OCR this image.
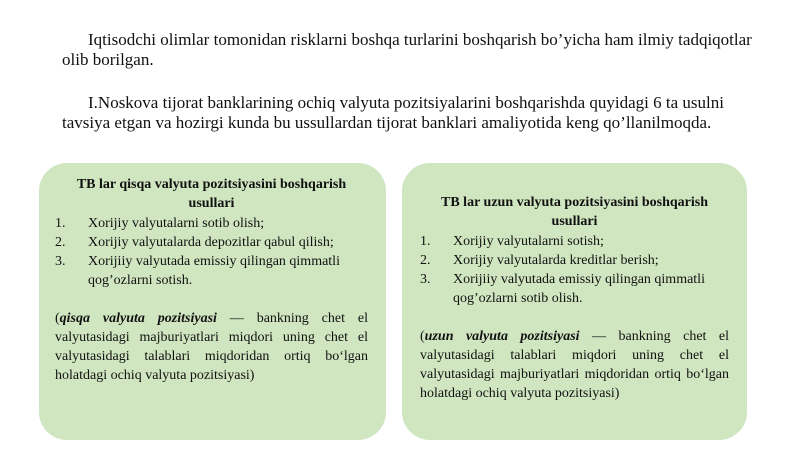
Iqtisodchi olimlar tomonidan risklarni boshqa turlarini boshqarish bo’yicha ham ilmiy tadqiqotlar olib borilgan.

I.Noskova tijorat banklarining ochiq valyuta pozitsiyalarini boshqarishda quyidagi 6 ta usulni tavsiya etgan va hozirgi kunda bu ussullardan tijorat banklari amaliyotida keng qo’llanilmoqda.

TB lar qisqa valyuta pozitsiyasini boshqarish usullari
1.	Xorijiy valyutalarni sotib olish;
2.	Xorijiy valyutalarda depozitlar qabul qilish;
3.	Xorijiiy valyutada emissiy qilingan qimmatli qog’ozlarni sotish.

(qisqa valyuta pozitsiyasi — bankning chet el valyutasidagi majburiyatlari miqdori uning chet el valyutasidagi talablari miqdoridan ortiq bo‘lgan holatdagi ochiq valyuta pozitsiyasi)

TB lar uzun valyuta pozitsiyasini boshqarish usullari
1.	Xorijiy valyutalarni sotish;
2.	Xorijiy valyutalarda kreditlar berish;
3.	Xorijiiy valyutada emissiy qilingan qimmatli qog’ozlarni sotib olish.

(uzun valyuta pozitsiyasi — bankning chet el valyutasidagi talablari miqdori uning chet el valyutasidagi majburiyatlari miqdoridan ortiq bo‘lgan holatdagi ochiq valyuta pozitsiyasi)
